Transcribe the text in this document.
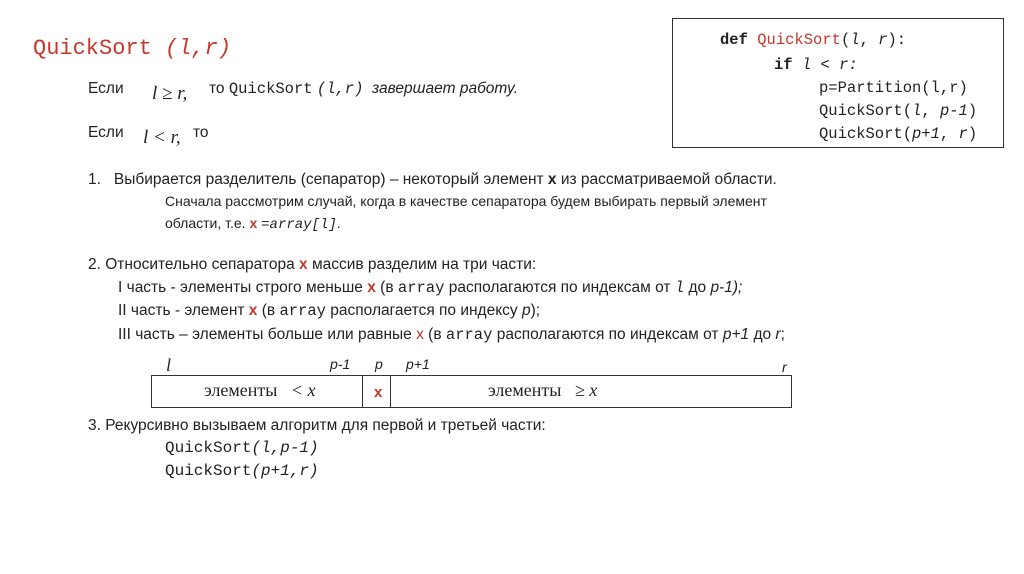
QuickSort (l,r)	def QuickSort(l, r):
if l < r:
p=Partition(l,r)
QuickSort(l, p-1)
QuickSort(p+1, r)
Если l ≥ r, то QuickSort (l,r) завершает работу.
Если l < r, то
1. Выбирается разделитель (сепаратор) – некоторый элемент x из рассматриваемой области.
Сначала рассмотрим случай, когда в качестве сепаратора будем выбирать первый элемент
области, т.е. x =array[l].
2. Относительно сепаратора x массив разделим на три части:
I часть - элементы строго меньше x (в array располагаются по индексам от l до p-1);
II часть - элемент x (в array располагается по индексу p);
III часть – элементы больше или равные x (в array располагаются по индексам от p+1 до r;
l	p-1 p p+1	r
элементы < x	x	элементы ≥ x
3. Рекурсивно вызываем алгоритм для первой и третьей части:
QuickSort(l,p-1)
QuickSort(p+1,r)
